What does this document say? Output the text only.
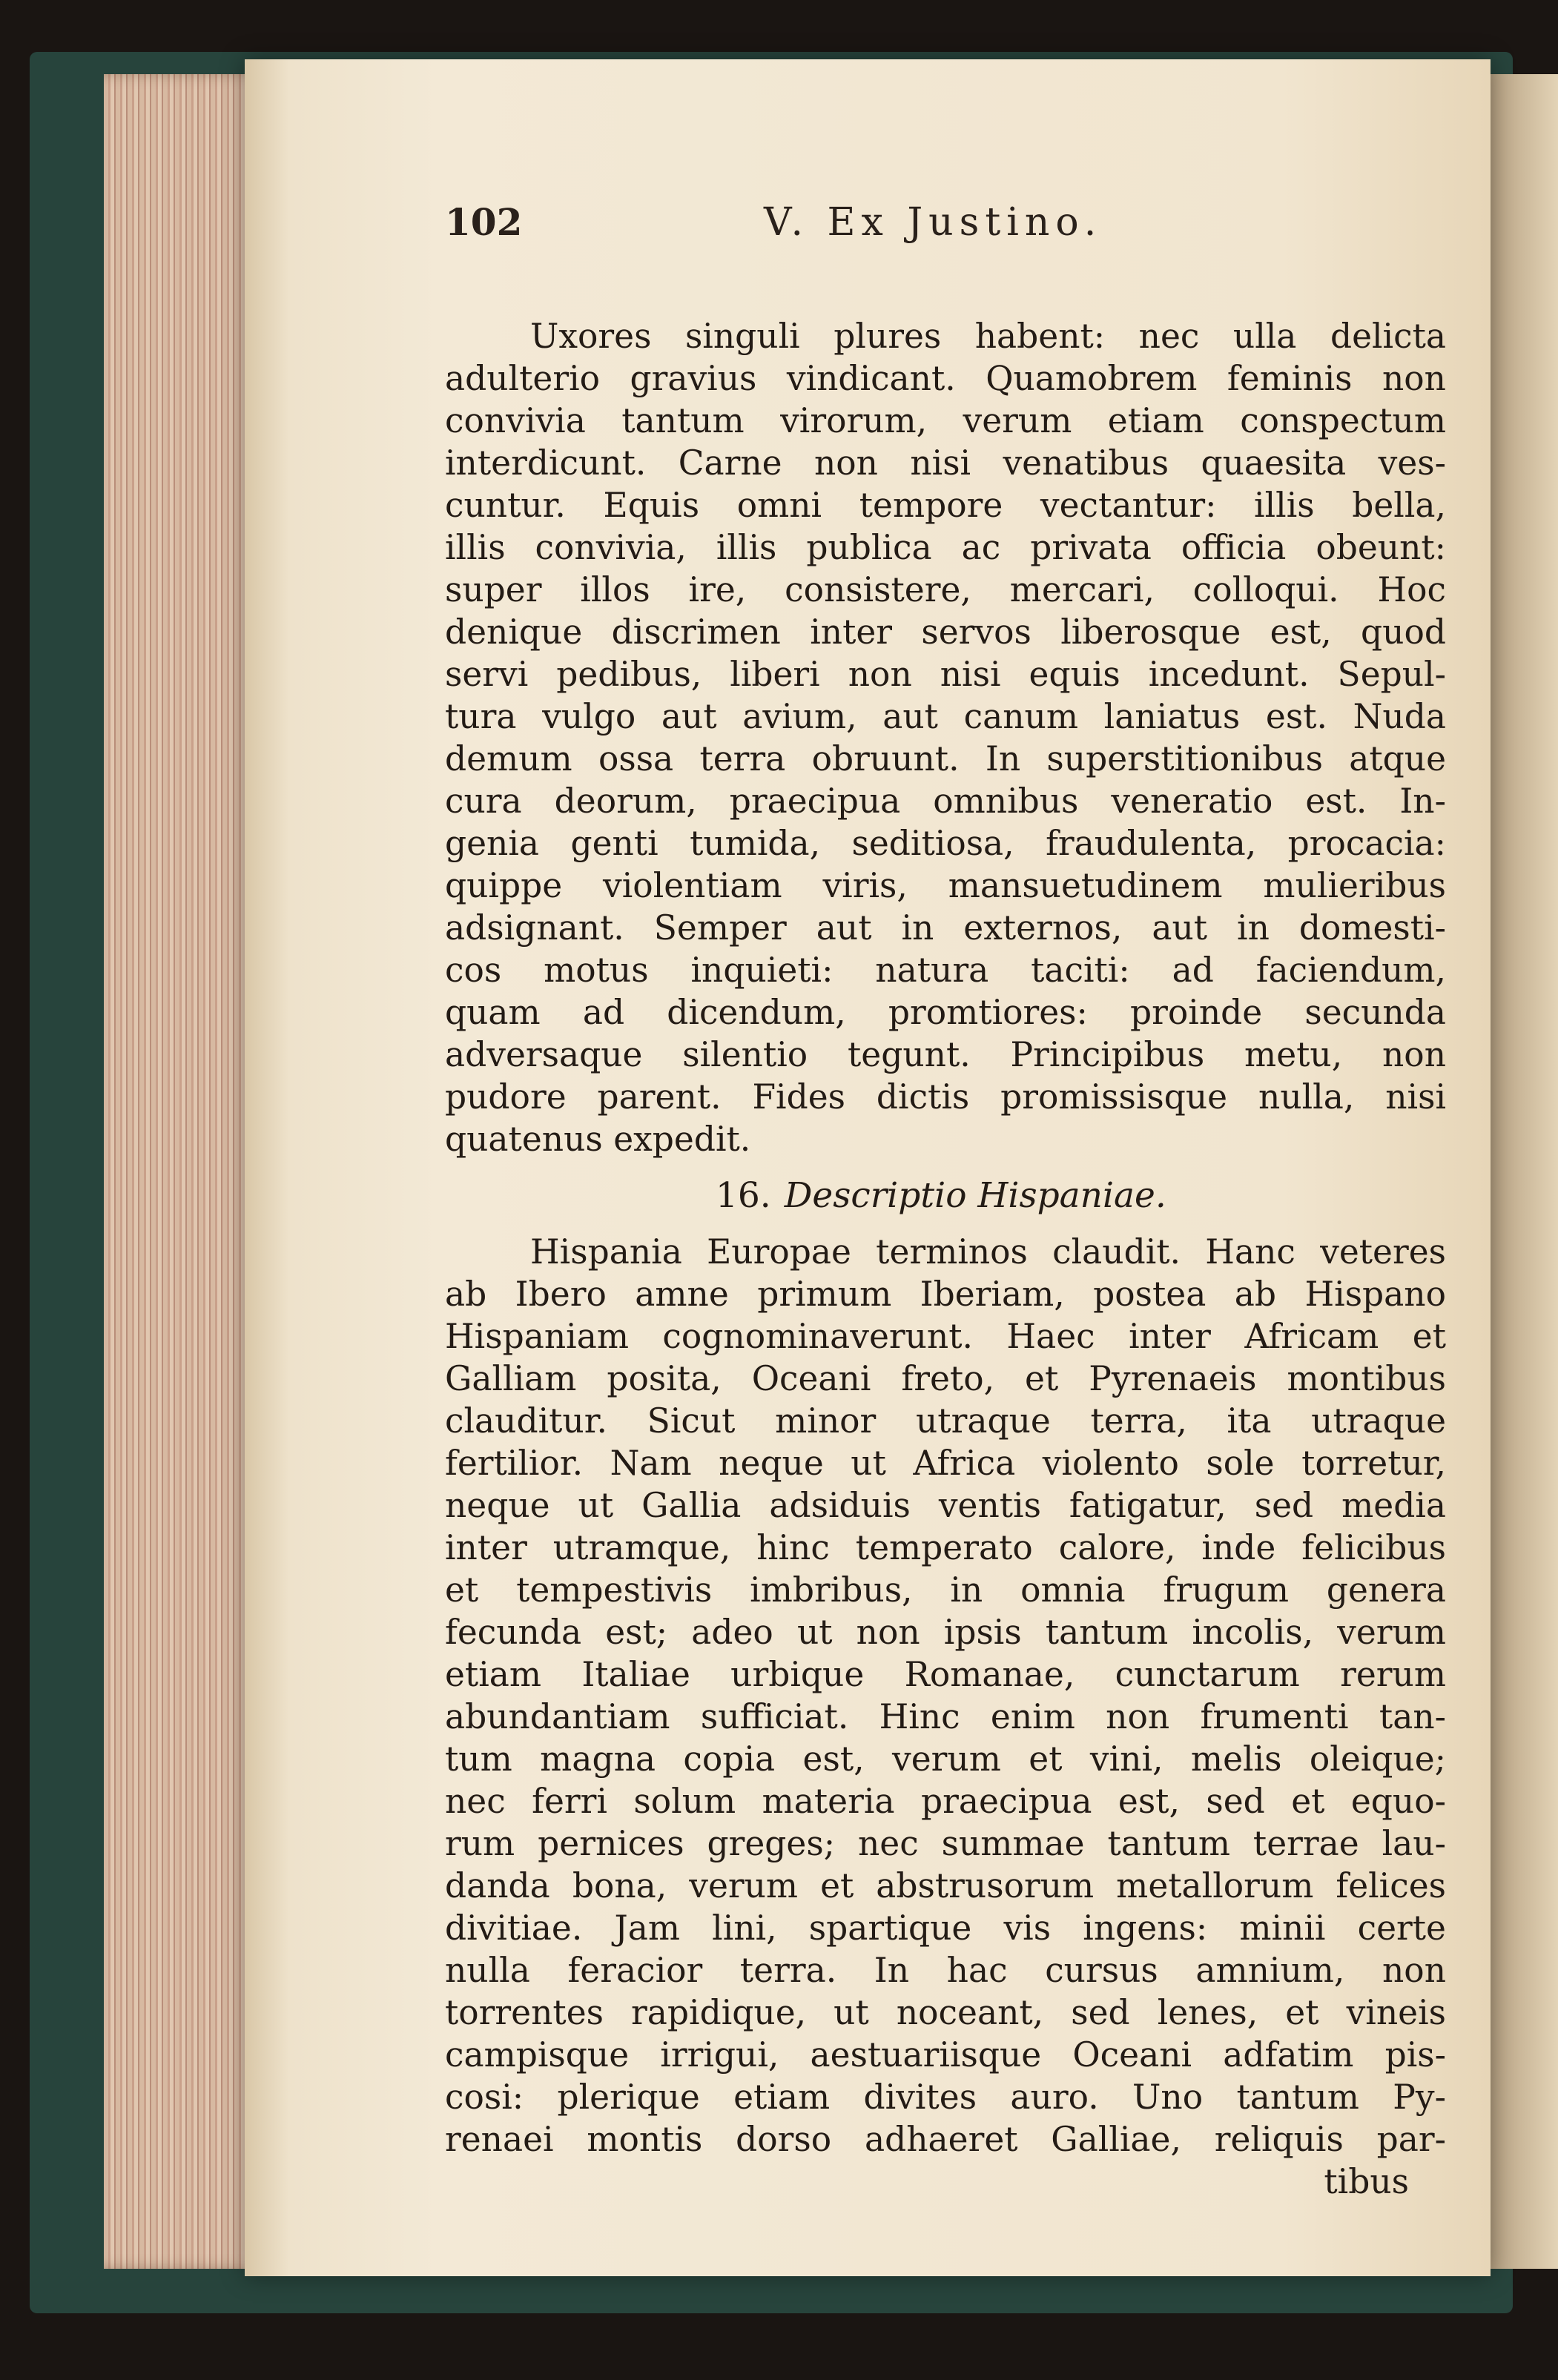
102	V. Ex Justino.

Uxores singuli plures habent: nec ulla delicta

adulterio gravius vindicant. Quamobrem feminis non

convivia tantum virorum, verum etiam conspectum

interdicunt. Carne non nisi venatibus quaesita ves-

cuntur. Equis omni tempore vectantur: illis bella,

illis convivia, illis publica ac privata officia obeunt:

super illos ire, consistere, mercari, colloqui. Hoc

denique discrimen inter servos liberosque est, quod

servi pedibus, liberi non nisi equis incedunt. Sepul-

tura vulgo aut avium, aut canum laniatus est. Nuda

demum ossa terra obruunt. In superstitionibus atque

cura deorum, praecipua omnibus veneratio est. In-

genia genti tumida, seditiosa, fraudulenta, procacia:

quippe violentiam viris, mansuetudinem mulieribus

adsignant. Semper aut in externos, aut in domesti-

cos motus inquieti: natura taciti: ad faciendum,

quam ad dicendum, promtiores: proinde secunda

adversaque silentio tegunt. Principibus metu, non

pudore parent. Fides dictis promissisque nulla, nisi

quatenus expedit.

16. Descriptio Hispaniae.

Hispania Europae terminos claudit. Hanc veteres

ab Ibero amne primum Iberiam, postea ab Hispano

Hispaniam cognominaverunt. Haec inter Africam et

Galliam posita, Oceani freto, et Pyrenaeis montibus

clauditur. Sicut minor utraque terra, ita utraque

fertilior. Nam neque ut Africa violento sole torretur,

neque ut Gallia adsiduis ventis fatigatur, sed media

inter utramque, hinc temperato calore, inde felicibus

et tempestivis imbribus, in omnia frugum genera

fecunda est; adeo ut non ipsis tantum incolis, verum

etiam Italiae urbique Romanae, cunctarum rerum

abundantiam sufficiat. Hinc enim non frumenti tan-

tum magna copia est, verum et vini, melis oleique;

nec ferri solum materia praecipua est, sed et equo-

rum pernices greges; nec summae tantum terrae lau-

danda bona, verum et abstrusorum metallorum felices

divitiae. Jam lini, spartique vis ingens: minii certe

nulla feracior terra. In hac cursus amnium, non

torrentes rapidique, ut noceant, sed lenes, et vineis

campisque irrigui, aestuariisque Oceani adfatim pis-

cosi: plerique etiam divites auro. Uno tantum Py-

renaei montis dorso adhaeret Galliae, reliquis par-

tibus
